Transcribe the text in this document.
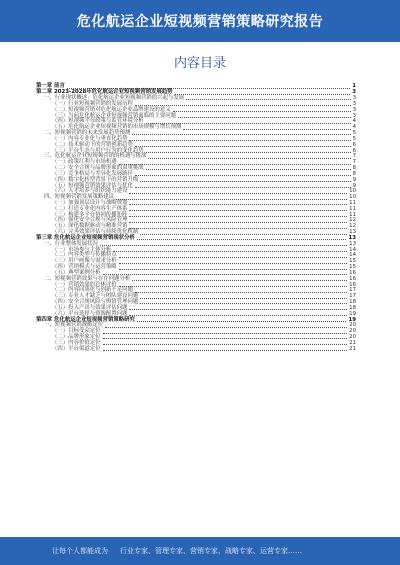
危化航运企业短视频营销策略研究报告
内容目录
第一章 前言	1
第二章 2023-2028年危化航运企业短视频营销发展趋势	3
一、行业现状概述：危化航运企业短视频营销的兴起与发展	3
（一）行业短视频营销的发展历程	3
（二）短视频营销对危化航运企业品牌建设的意义	3
（三）当前危化航运企业短视频营销面临的主要问题	3
（四）短视频平台政策与监管环境分析	4
（五）危化航运企业短视频营销的市场规模与增长预测	4
二、短视频营销的未来发展趋势预测	5
（一）内容专业化与垂直化趋势	5
（二）技术驱动下的营销创新趋势	6
（三）平台生态与用户行为的变化趋势	6
三、危化航运企业短视频营销的机遇与挑战	7
（一）政策红利与市场机遇	7
（二）安全合规与品牌形象的双重挑战	8
（三）竞争格局与差异化发展路径	8
（四）数字化转型背景下的营销升级	9
（五）短视频营销效果评估与优化	9
（六）人才培养与组织能力建设	10
四、短视频营销发展策略建议	10
（一）加强顶层设计与战略规划	11
（二）打造专业化内容生产体系	11
（三）构建多平台协同传播矩阵	11
（四）强化安全合规与风险管理	12
（五）深化数据驱动与精准营销	12
（六）完善效果评估与持续优化机制	13
第三章 危化航运企业短视频营销现状分析	13
一、行业整体发展状况	13
（一）市场参与主体分析	14
（二）内容类型与传播特点	14
（三）用户画像与需求分析	15
（四）营销模式与运营策略	15
（五）典型案例分析	16
二、短视频营销效果与存在问题分析	16
（一）营销效果的总体评价	16
（二）内容同质化与创新不足问题	17
（三）专业人才缺乏与团队建设问题	17
（四）安全合规风险与舆情管理问题	18
（五）投入产出与效果评估问题	18
（六）平台选择与资源配置问题	19
第四章 危化航运企业短视频营销策略研究	19
一、短视频营销战略定位	20
（一）目标受众定位	20
（二）品牌形象定位	20
（三）内容价值定位	21
（四）平台渠道定位	21
让每个人都能成为	行业专家、管理专家、营销专家、战略专家、运营专家……
